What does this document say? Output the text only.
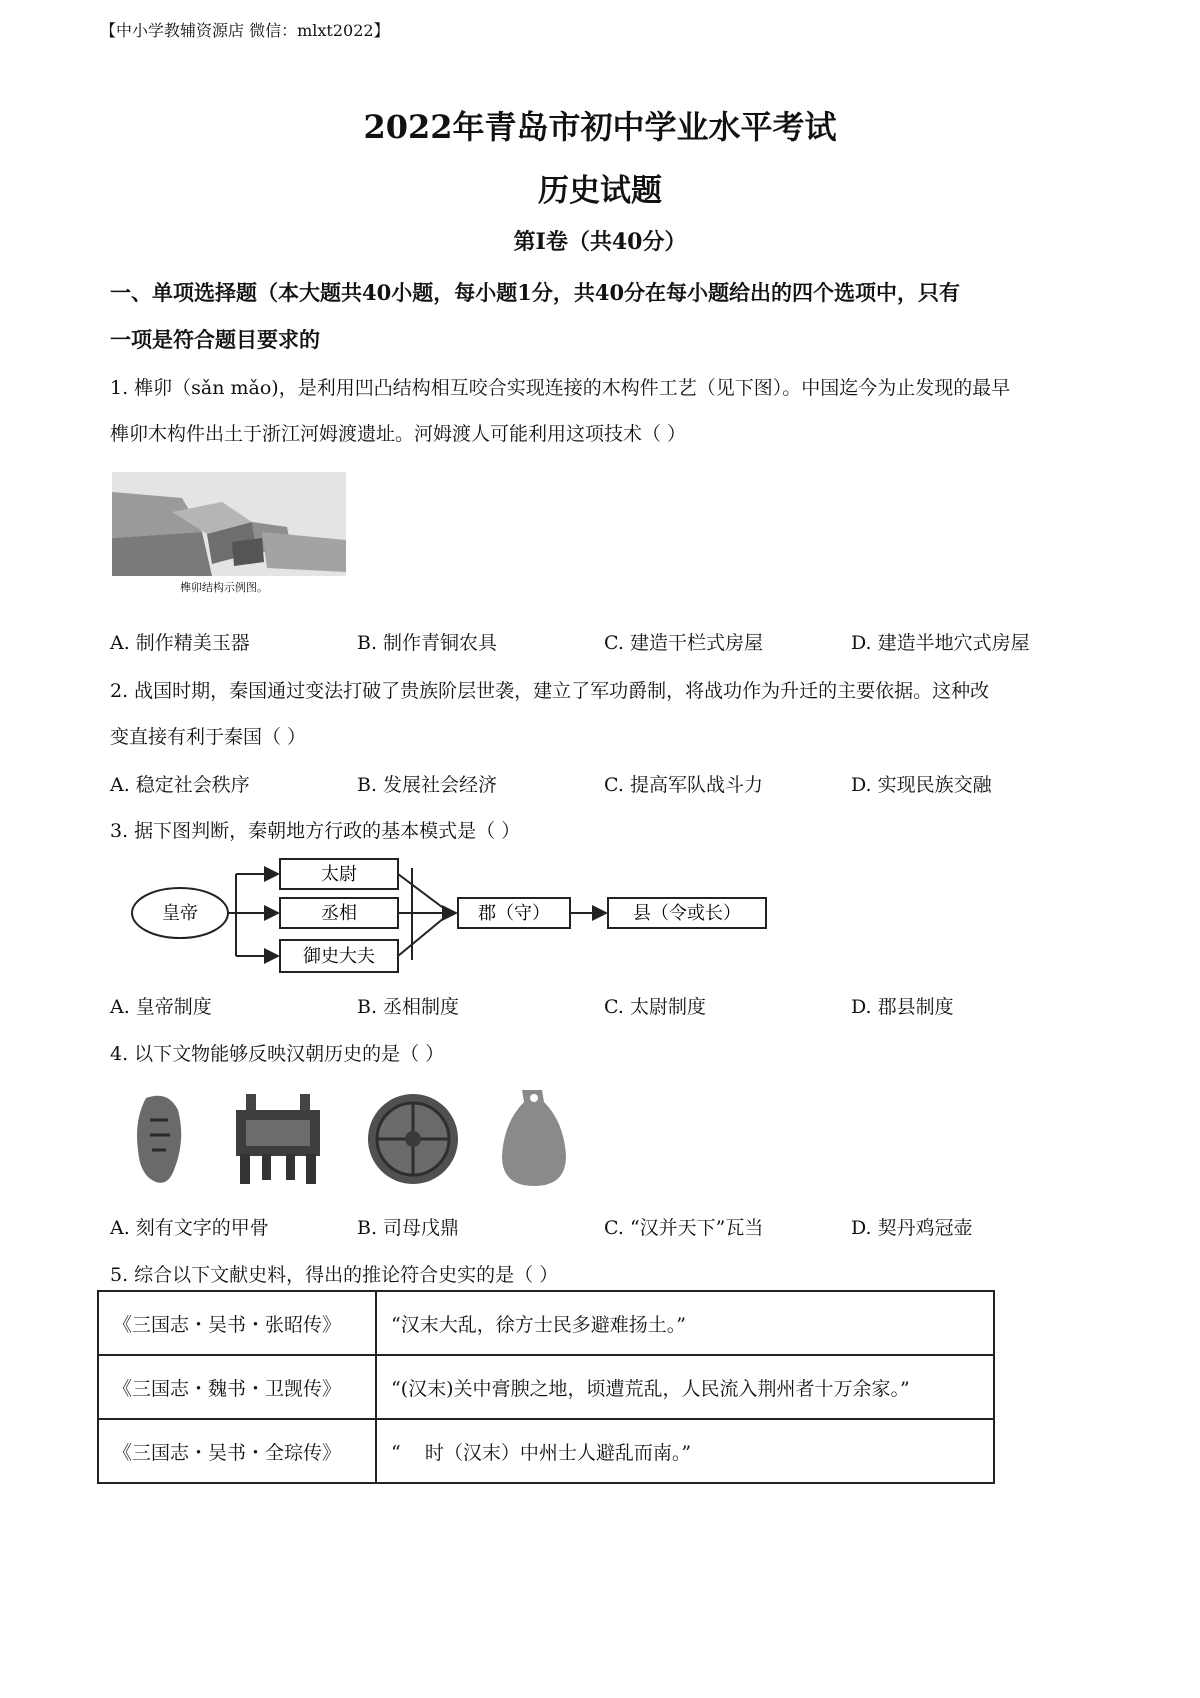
【中小学教辅资源店 微信：mlxt2022】
2022年青岛市初中学业水平考试
历史试题
第Ⅰ卷（共40分）
一、单项选择题（本大题共40小题，每小题1分，共40分在每小题给出的四个选项中，只有
一项是符合题目要求的
1. 榫卯（sǎn mǎo)，是利用凹凸结构相互咬合实现连接的木构件工艺（见下图）。中国迄今为止发现的最早
榫卯木构件出土于浙江河姆渡遗址。河姆渡人可能利用这项技术（ ）
榫卯结构示例图。
A. 制作精美玉器	B. 制作青铜农具	C. 建造干栏式房屋	D. 建造半地穴式房屋
2. 战国时期，秦国通过变法打破了贵族阶层世袭，建立了军功爵制，将战功作为升迁的主要依据。这种改
变直接有利于秦国（ ）
A. 稳定社会秩序	B. 发展社会经济	C. 提高军队战斗力	D. 实现民族交融
3. 据下图判断，秦朝地方行政的基本模式是（ ）
皇帝
太尉
丞相
御史大夫
郡（守）	县（令或长）
A. 皇帝制度	B. 丞相制度	C. 太尉制度	D. 郡县制度
4. 以下文物能够反映汉朝历史的是（ ）
A. 刻有文字的甲骨	B. 司母戊鼎	C. “汉并天下”瓦当	D. 契丹鸡冠壶
5. 综合以下文献史料，得出的推论符合史实的是（ ）
《三国志・吴书・张昭传》	“汉末大乱，徐方士民多避难扬土。”
《三国志・魏书・卫觊传》	“(汉末)关中膏腴之地，顷遭荒乱，人民流入荆州者十万余家。”
《三国志・吴书・全琮传》	“    时（汉末）中州士人避乱而南。”
